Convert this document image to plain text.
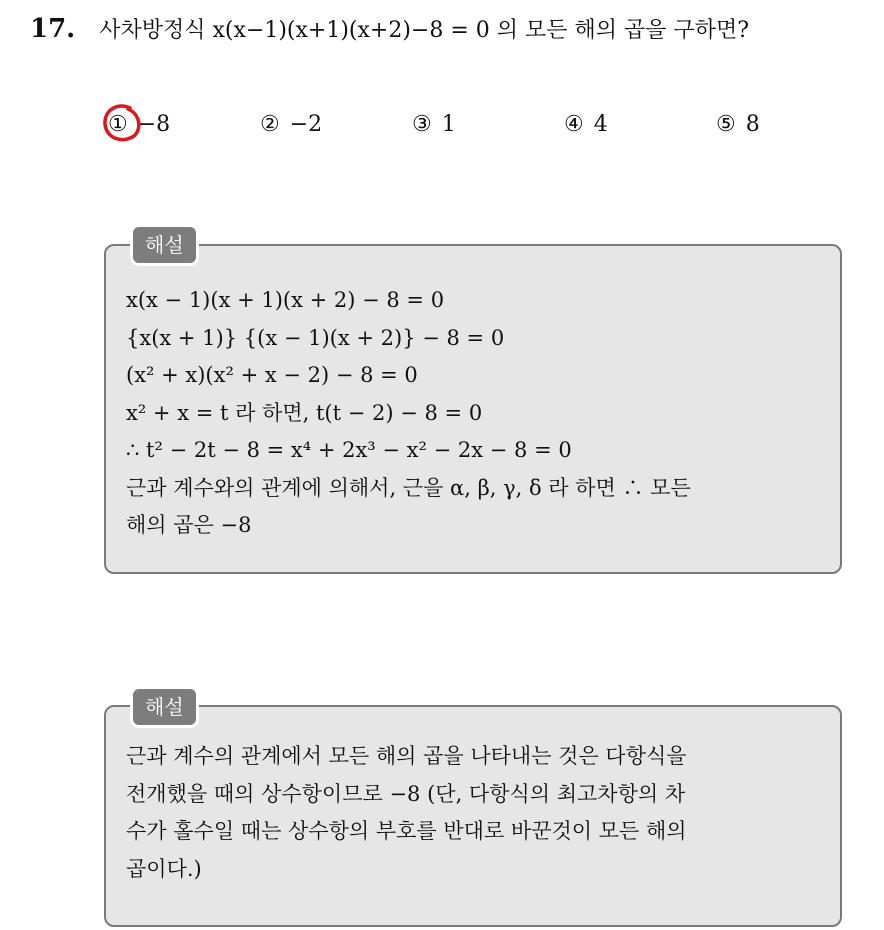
17. 사차방정식 x(x−1)(x+1)(x+2)−8 = 0 의 모든 해의 곱을 구하면?
① −8	② −2	③ 1	④ 4	⑤ 8
해설
x(x − 1)(x + 1)(x + 2) − 8 = 0
{x(x + 1)} {(x − 1)(x + 2)} − 8 = 0
(x² + x)(x² + x − 2) − 8 = 0
x² + x = t 라 하면, t(t − 2) − 8 = 0
∴ t² − 2t − 8 = x⁴ + 2x³ − x² − 2x − 8 = 0
근과 계수와의 관계에 의해서, 근을 α, β, γ, δ 라 하면 ∴ 모든
해의 곱은 −8
해설
근과 계수의 관계에서 모든 해의 곱을 나타내는 것은 다항식을
전개했을 때의 상수항이므로 −8 (단, 다항식의 최고차항의 차
수가 홀수일 때는 상수항의 부호를 반대로 바꾼것이 모든 해의
곱이다.)
